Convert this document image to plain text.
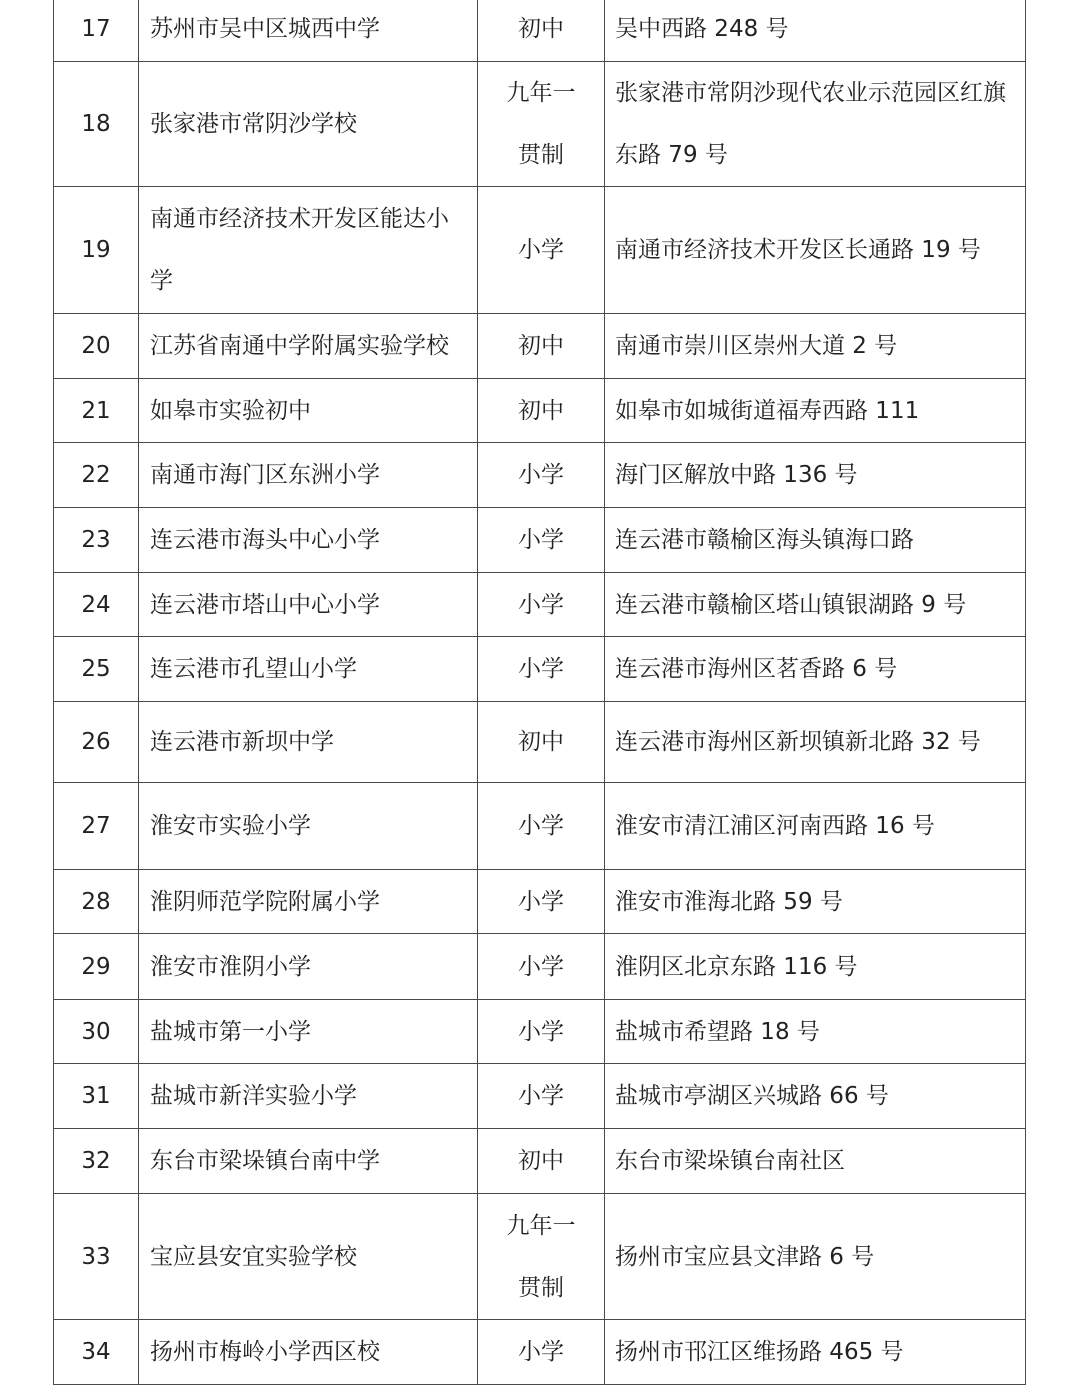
17	苏州市吴中区城西中学	初中	吴中西路 248 号
18	张家港市常阴沙学校	九年一贯制	张家港市常阴沙现代农业示范园区红旗东路 79 号
19	南通市经济技术开发区能达小学	小学	南通市经济技术开发区长通路 19 号
20	江苏省南通中学附属实验学校	初中	南通市崇川区崇州大道 2 号
21	如皋市实验初中	初中	如皋市如城街道福寿西路 111
22	南通市海门区东洲小学	小学	海门区解放中路 136 号
23	连云港市海头中心小学	小学	连云港市赣榆区海头镇海口路
24	连云港市塔山中心小学	小学	连云港市赣榆区塔山镇银湖路 9 号
25	连云港市孔望山小学	小学	连云港市海州区茗香路 6 号
26	连云港市新坝中学	初中	连云港市海州区新坝镇新北路 32 号
27	淮安市实验小学	小学	淮安市清江浦区河南西路 16 号
28	淮阴师范学院附属小学	小学	淮安市淮海北路 59 号
29	淮安市淮阴小学	小学	淮阴区北京东路 116 号
30	盐城市第一小学	小学	盐城市希望路 18 号
31	盐城市新洋实验小学	小学	盐城市亭湖区兴城路 66 号
32	东台市梁垛镇台南中学	初中	东台市梁垛镇台南社区
33	宝应县安宜实验学校	九年一贯制	扬州市宝应县文津路 6 号
34	扬州市梅岭小学西区校	小学	扬州市邗江区维扬路 465 号
